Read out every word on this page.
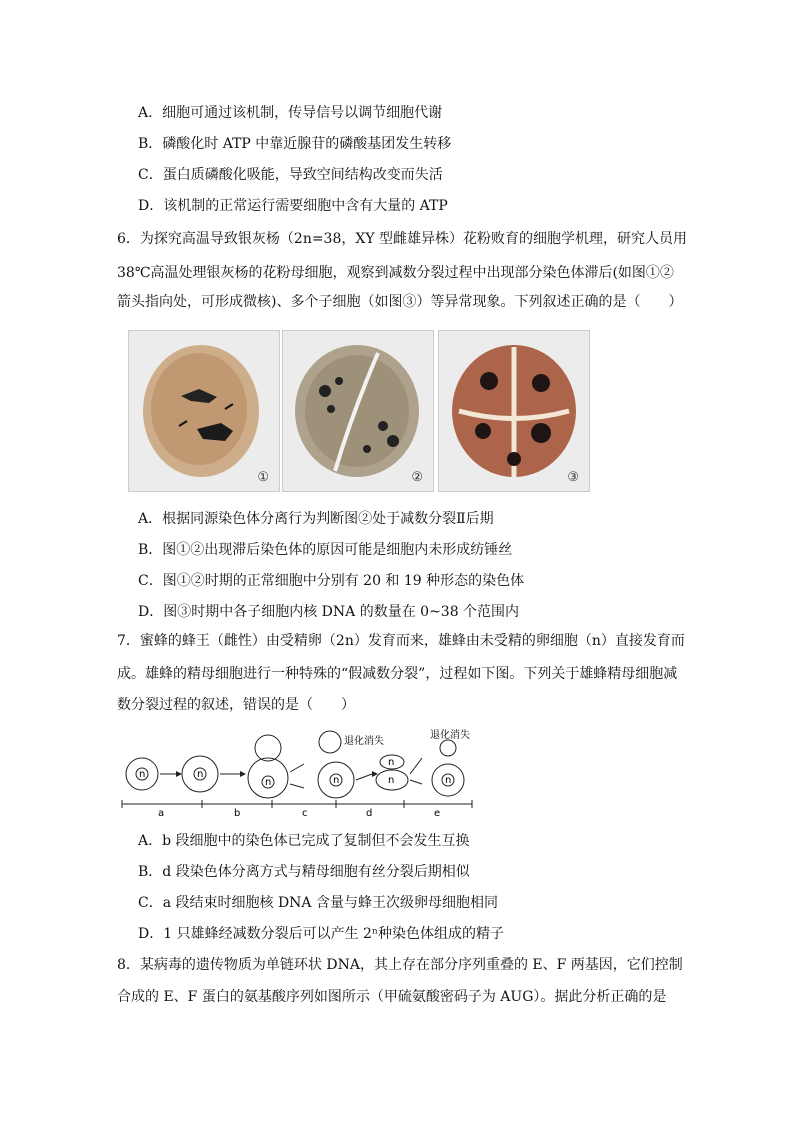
A．细胞可通过该机制，传导信号以调节细胞代谢
B．磷酸化时 ATP 中靠近腺苷的磷酸基团发生转移
C．蛋白质磷酸化吸能，导致空间结构改变而失活
D．该机制的正常运行需要细胞中含有大量的 ATP
6．为探究高温导致银灰杨（2n=38，XY 型雌雄异株）花粉败育的细胞学机理，研究人员用
38℃高温处理银灰杨的花粉母细胞，观察到减数分裂过程中出现部分染色体滞后(如图①②
箭头指向处，可形成微核)、多个子细胞（如图③）等异常现象。下列叙述正确的是（　　）
①	②	③
A．根据同源染色体分离行为判断图②处于减数分裂Ⅱ后期
B．图①②出现滞后染色体的原因可能是细胞内未形成纺锤丝
C．图①②时期的正常细胞中分别有 20 和 19 种形态的染色体
D．图③时期中各子细胞内核 DNA 的数量在 0~38 个范围内
7．蜜蜂的蜂王（雌性）由受精卵（2n）发育而来，雄蜂由未受精的卵细胞（n）直接发育而
成。雄蜂的精母细胞进行一种特殊的“假减数分裂”，过程如下图。下列关于雄蜂精母细胞减
数分裂过程的叙述，错误的是（　　）
n	n
n
退化消失
n
n
n
退化消失
n
a	b	c	d	e
A．b 段细胞中的染色体已完成了复制但不会发生互换
B．d 段染色体分离方式与精母细胞有丝分裂后期相似
C．a 段结束时细胞核 DNA 含量与蜂王次级卵母细胞相同
D．1 只雄蜂经减数分裂后可以产生 2ⁿ种染色体组成的精子
8．某病毒的遗传物质为单链环状 DNA，其上存在部分序列重叠的 E、F 两基因，它们控制
合成的 E、F 蛋白的氨基酸序列如图所示（甲硫氨酸密码子为 AUG）。据此分析正确的是
